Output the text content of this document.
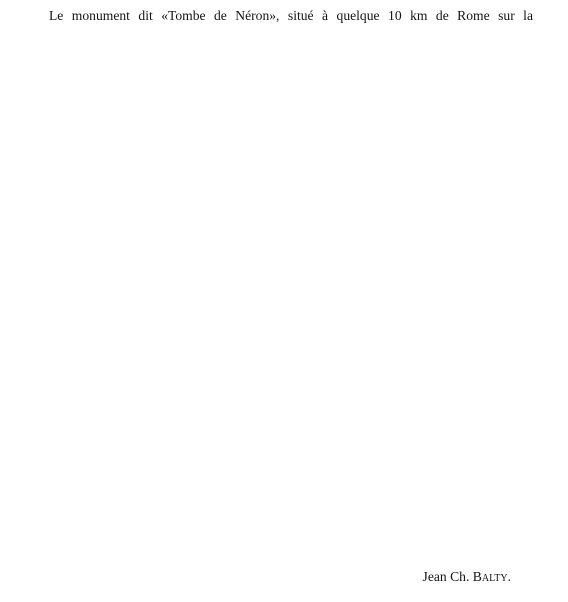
Le monument dit «Tombe de Néron», situé à quelque 10 km de Rome sur la
Jean Ch. Balty.
